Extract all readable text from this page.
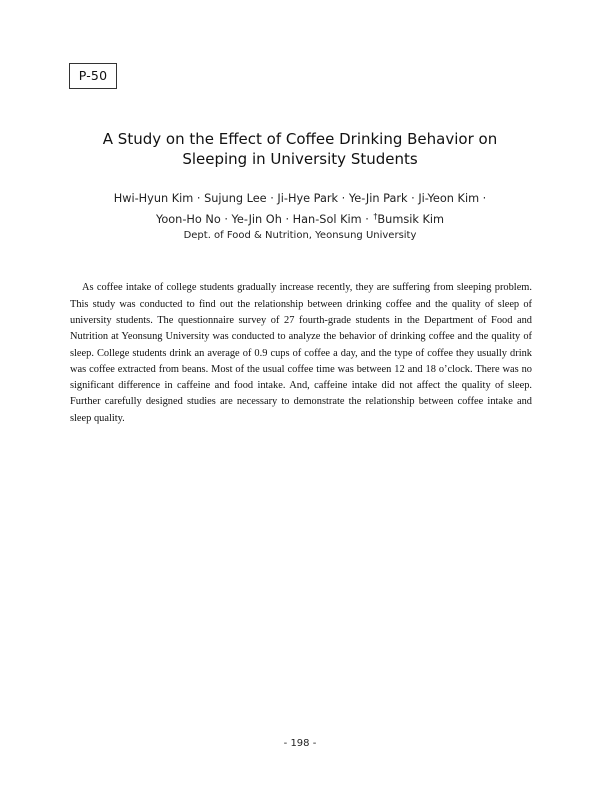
P-50
A Study on the Effect of Coffee Drinking Behavior on
Sleeping in University Students
Hwi-Hyun Kim · Sujung Lee · Ji-Hye Park · Ye-Jin Park · Ji-Yeon Kim ·
Yoon-Ho No · Ye-Jin Oh · Han-Sol Kim · †Bumsik Kim
Dept. of Food & Nutrition, Yeonsung University

As coffee intake of college students gradually increase recently, they are suffering from sleeping problem. This study was conducted to find out the relationship between drinking coffee and the quality of sleep of university students. The questionnaire survey of 27 fourth-grade students in the Department of Food and Nutrition at Yeonsung University was conducted to analyze the behavior of drinking coffee and the quality of sleep. College students drink an average of 0.9 cups of coffee a day, and the type of coffee they usually drink was coffee extracted from beans. Most of the usual coffee time was between 12 and 18 o’clock. There was no significant difference in caffeine and food intake. And, caffeine intake did not affect the quality of sleep. Further carefully designed studies are necessary to demonstrate the relationship between coffee intake and sleep quality.

- 198 -
